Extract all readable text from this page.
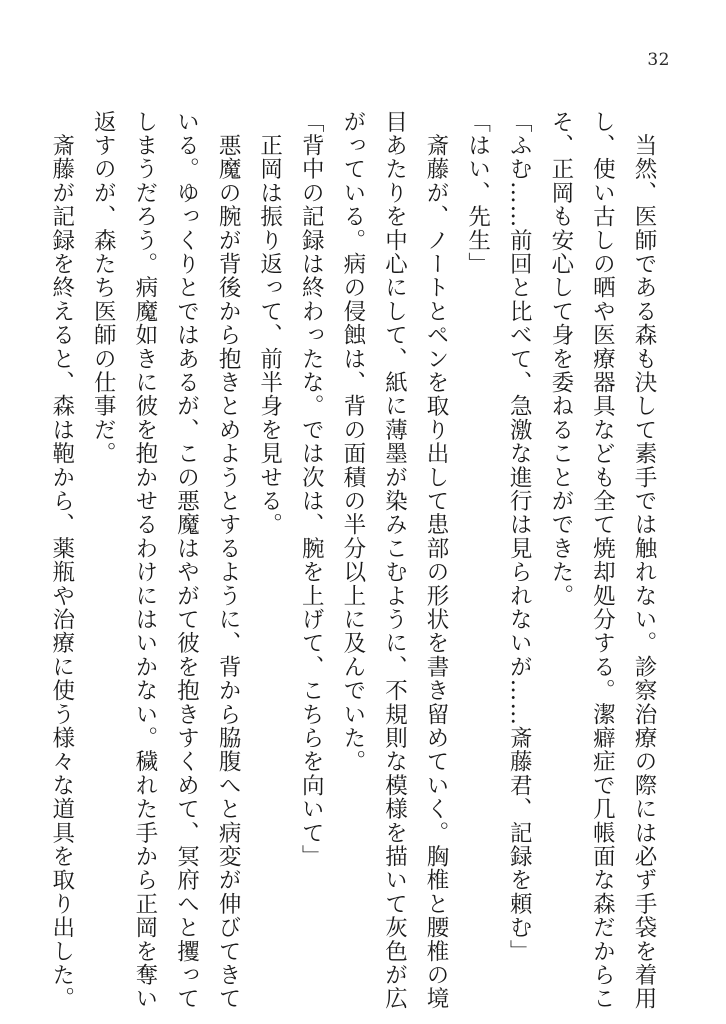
32
　当然、医師である森も決して素手では触れない。診察治療の際には必ず手袋を着用
し、使い古しの晒や医療器具なども全て焼却処分する。潔癖症で几帳面な森だからこ
そ、正岡も安心して身を委ねることができた。
「ふむ……前回と比べて、急激な進行は見られないが……斎藤君、記録を頼む」
「はい、先生」
　斎藤が、ノートとペンを取り出して患部の形状を書き留めていく。胸椎と腰椎の境
目あたりを中心にして、紙に薄墨が染みこむように、不規則な模様を描いて灰色が広
がっている。病の侵蝕は、背の面積の半分以上に及んでいた。
「背中の記録は終わったな。では次は、腕を上げて、こちらを向いて」
　正岡は振り返って、前半身を見せる。
　悪魔の腕が背後から抱きとめようとするように、背から脇腹へと病変が伸びてきて
いる。ゆっくりとではあるが、この悪魔はやがて彼を抱きすくめて、冥府へと攫って
しまうだろう。病魔如きに彼を抱かせるわけにはいかない。穢れた手から正岡を奪い
返すのが、森たち医師の仕事だ。
　斎藤が記録を終えると、森は鞄から、薬瓶や治療に使う様々な道具を取り出した。
